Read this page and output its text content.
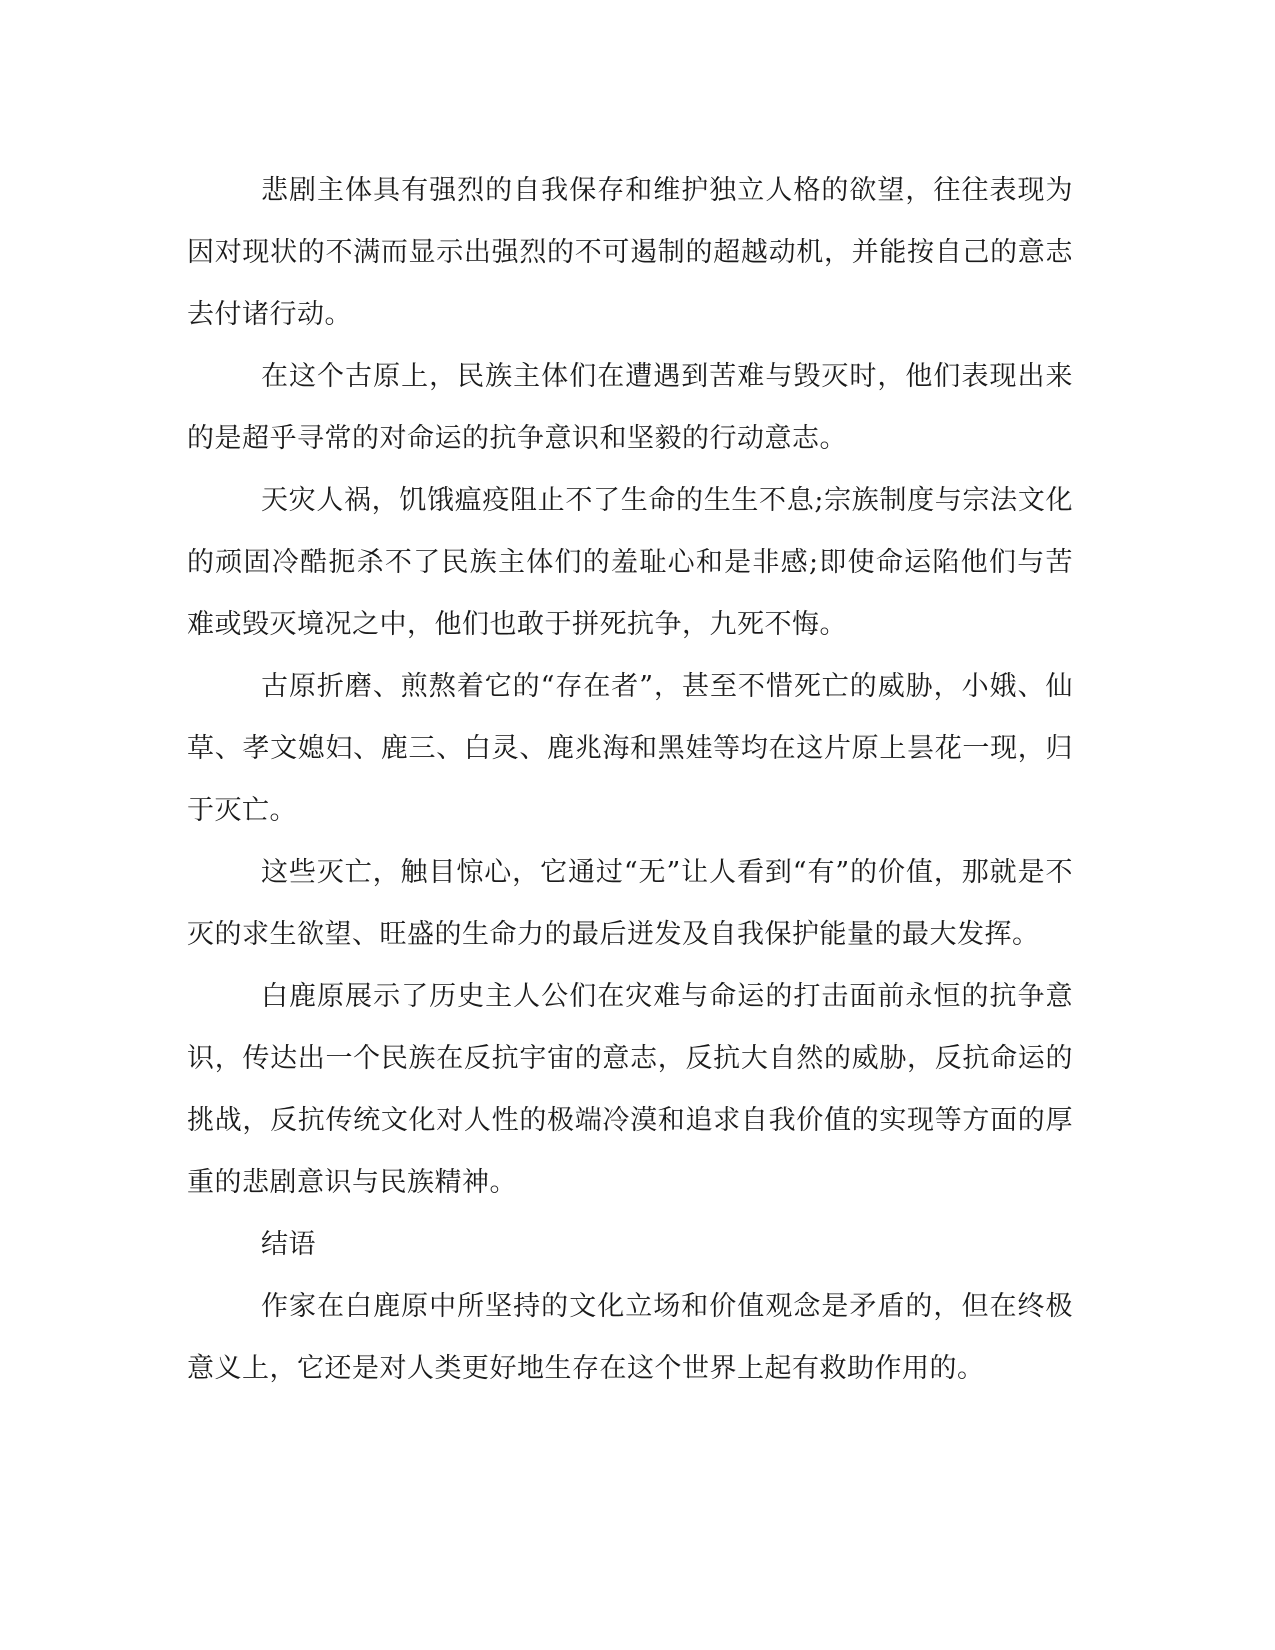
悲剧主体具有强烈的自我保存和维护独立人格的欲望，往往表现为因对现状的不满而显示出强烈的不可遏制的超越动机，并能按自己的意志去付诸行动。

在这个古原上，民族主体们在遭遇到苦难与毁灭时，他们表现出来的是超乎寻常的对命运的抗争意识和坚毅的行动意志。

天灾人祸，饥饿瘟疫阻止不了生命的生生不息;宗族制度与宗法文化的顽固冷酷扼杀不了民族主体们的羞耻心和是非感;即使命运陷他们与苦难或毁灭境况之中，他们也敢于拼死抗争，九死不悔。

古原折磨、煎熬着它的“存在者”，甚至不惜死亡的威胁，小娥、仙草、孝文媳妇、鹿三、白灵、鹿兆海和黑娃等均在这片原上昙花一现，归于灭亡。

这些灭亡，触目惊心，它通过“无”让人看到“有”的价值，那就是不灭的求生欲望、旺盛的生命力的最后迸发及自我保护能量的最大发挥。

白鹿原展示了历史主人公们在灾难与命运的打击面前永恒的抗争意识，传达出一个民族在反抗宇宙的意志，反抗大自然的威胁，反抗命运的挑战，反抗传统文化对人性的极端冷漠和追求自我价值的实现等方面的厚重的悲剧意识与民族精神。

结语

作家在白鹿原中所坚持的文化立场和价值观念是矛盾的，但在终极意义上，它还是对人类更好地生存在这个世界上起有救助作用的。
